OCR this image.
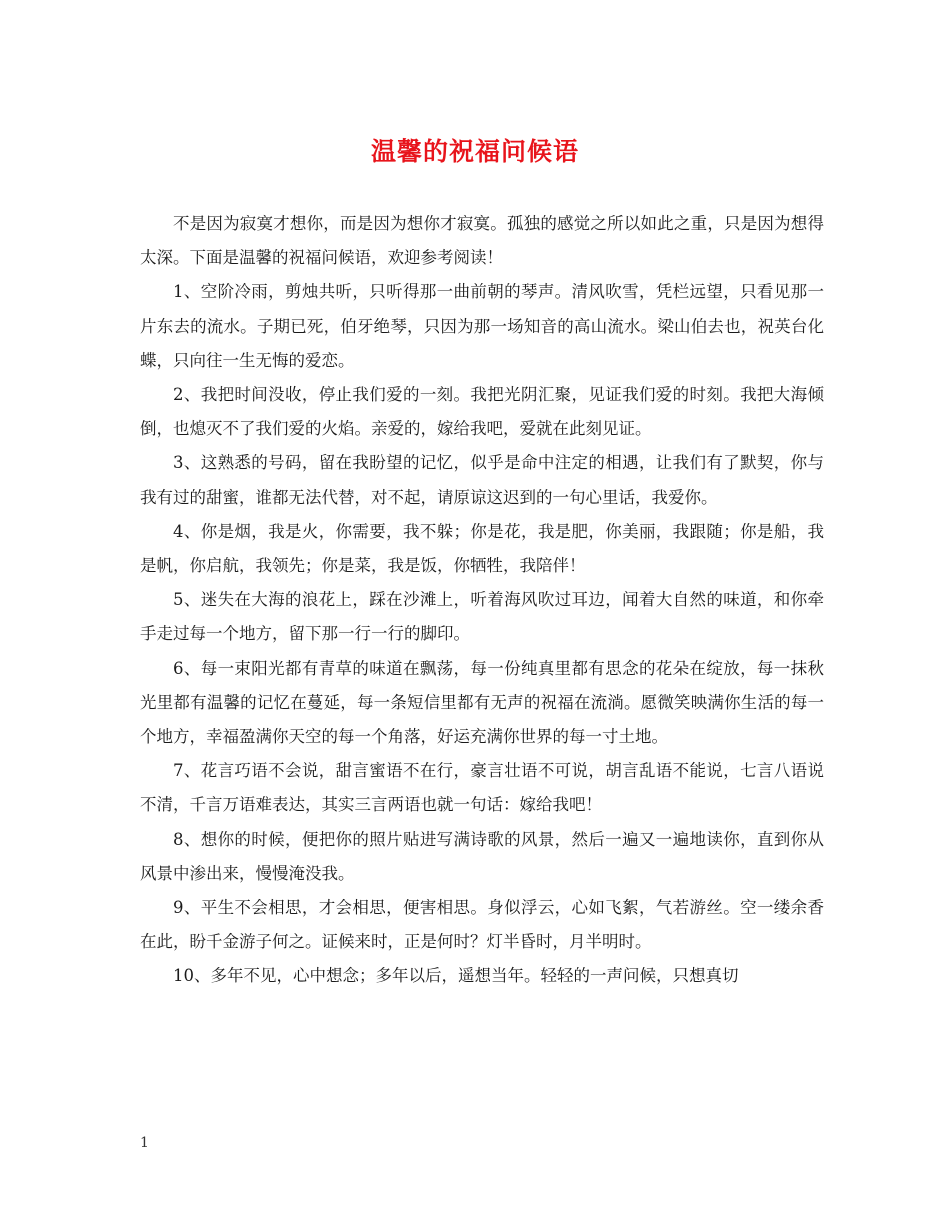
温馨的祝福问候语

不是因为寂寞才想你，而是因为想你才寂寞。孤独的感觉之所以如此之重，只是因为想得太深。下面是温馨的祝福问候语，欢迎参考阅读！

1、空阶冷雨，剪烛共听，只听得那一曲前朝的琴声。清风吹雪，凭栏远望，只看见那一片东去的流水。子期已死，伯牙绝琴，只因为那一场知音的高山流水。梁山伯去也，祝英台化蝶，只向往一生无悔的爱恋。

2、我把时间没收，停止我们爱的一刻。我把光阴汇聚，见证我们爱的时刻。我把大海倾倒，也熄灭不了我们爱的火焰。亲爱的，嫁给我吧，爱就在此刻见证。

3、这熟悉的号码，留在我盼望的记忆，似乎是命中注定的相遇，让我们有了默契，你与我有过的甜蜜，谁都无法代替，对不起，请原谅这迟到的一句心里话，我爱你。

4、你是烟，我是火，你需要，我不躲；你是花，我是肥，你美丽，我跟随；你是船，我是帆，你启航，我领先；你是菜，我是饭，你牺牲，我陪伴！

5、迷失在大海的浪花上，踩在沙滩上，听着海风吹过耳边，闻着大自然的味道，和你牵手走过每一个地方，留下那一行一行的脚印。

6、每一束阳光都有青草的味道在飘荡，每一份纯真里都有思念的花朵在绽放，每一抹秋光里都有温馨的记忆在蔓延，每一条短信里都有无声的祝福在流淌。愿微笑映满你生活的每一个地方，幸福盈满你天空的每一个角落，好运充满你世界的每一寸土地。

7、花言巧语不会说，甜言蜜语不在行，豪言壮语不可说，胡言乱语不能说，七言八语说不清，千言万语难表达，其实三言两语也就一句话：嫁给我吧！

8、想你的时候，便把你的照片贴进写满诗歌的风景，然后一遍又一遍地读你，直到你从风景中渗出来，慢慢淹没我。

9、平生不会相思，才会相思，便害相思。身似浮云，心如飞絮，气若游丝。空一缕余香在此，盼千金游子何之。证候来时，正是何时？灯半昏时，月半明时。

10、多年不见，心中想念；多年以后，遥想当年。轻轻的一声问候，只想真切

1
